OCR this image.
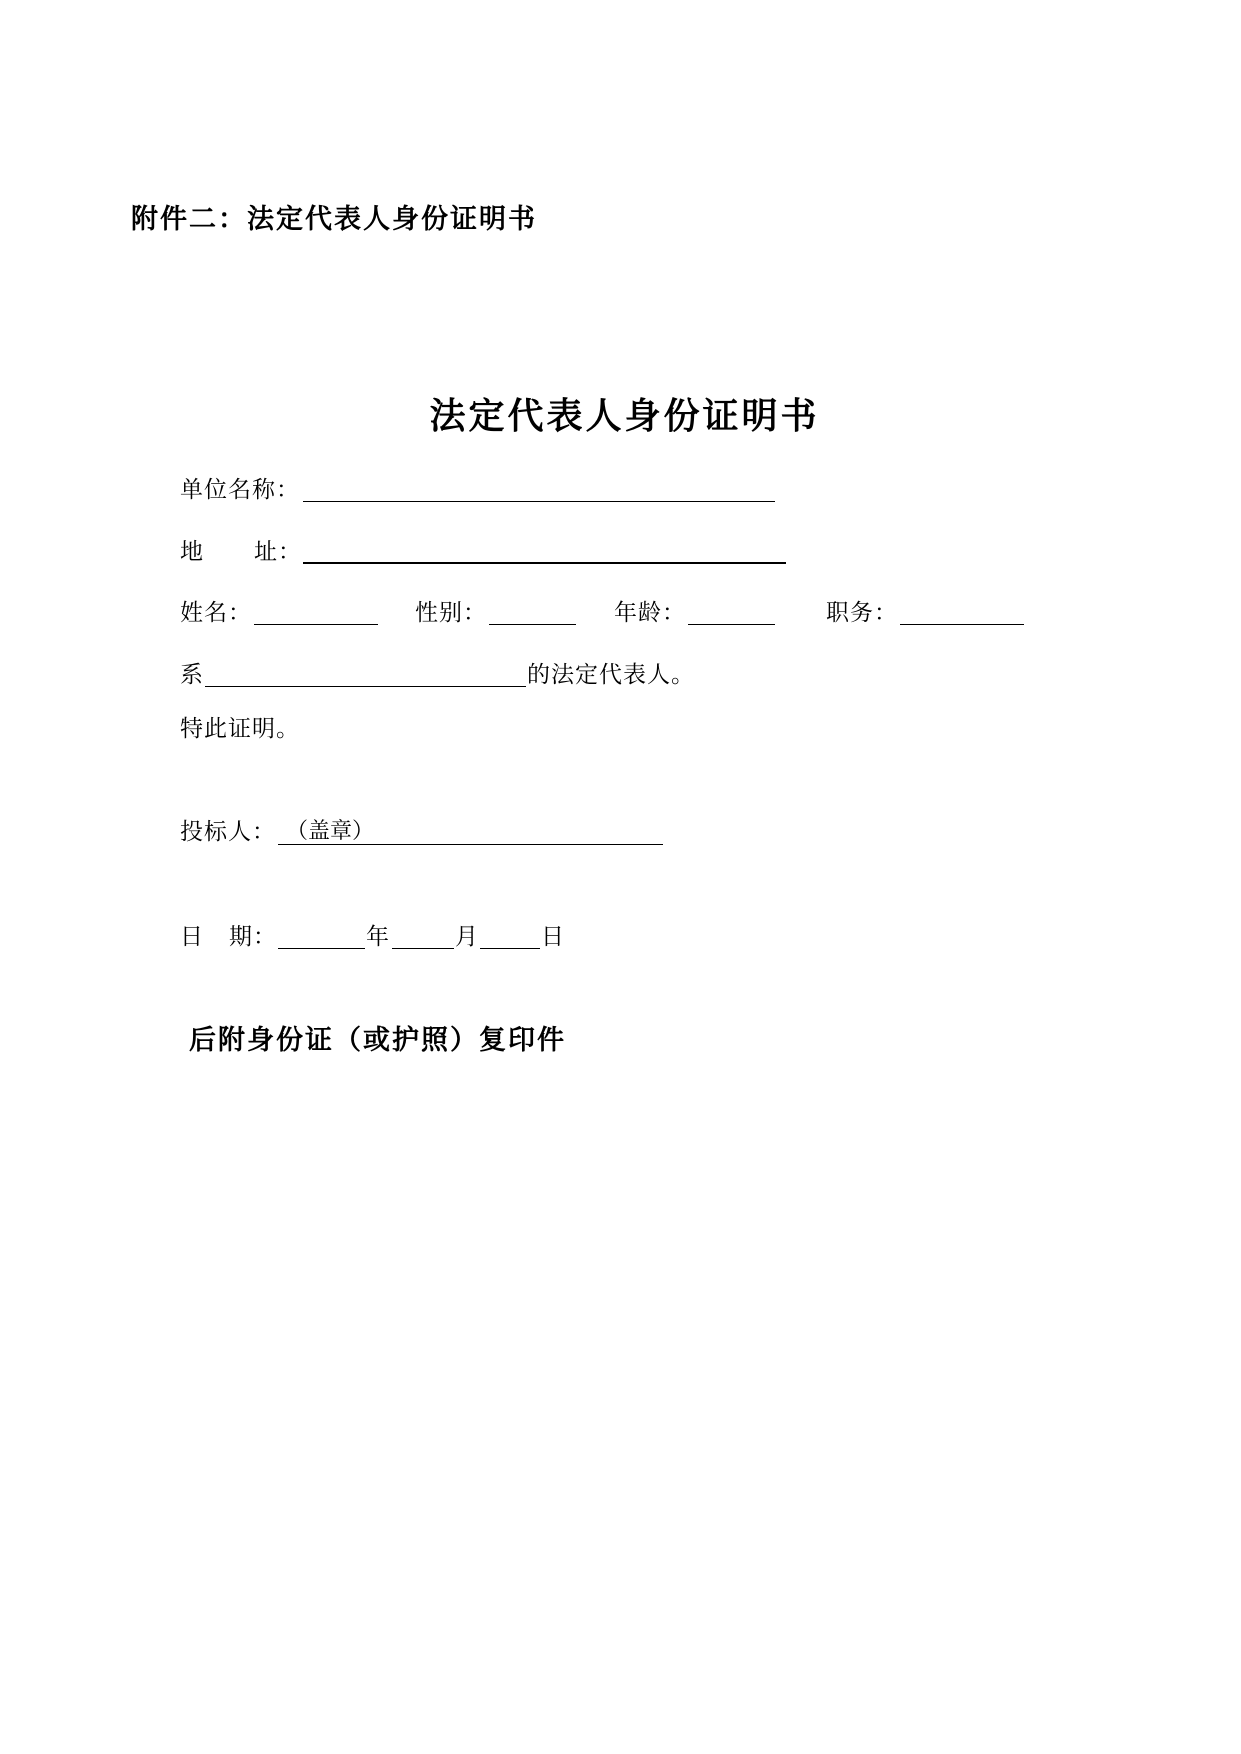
附件二：法定代表人身份证明书
法定代表人身份证明书
单位名称：
地 址：
姓名：	性别：	年龄：	职务：
系	的法定代表人。
特此证明。
投标人： （盖章）
日 期：	年	月	日
后附身份证（或护照）复印件
